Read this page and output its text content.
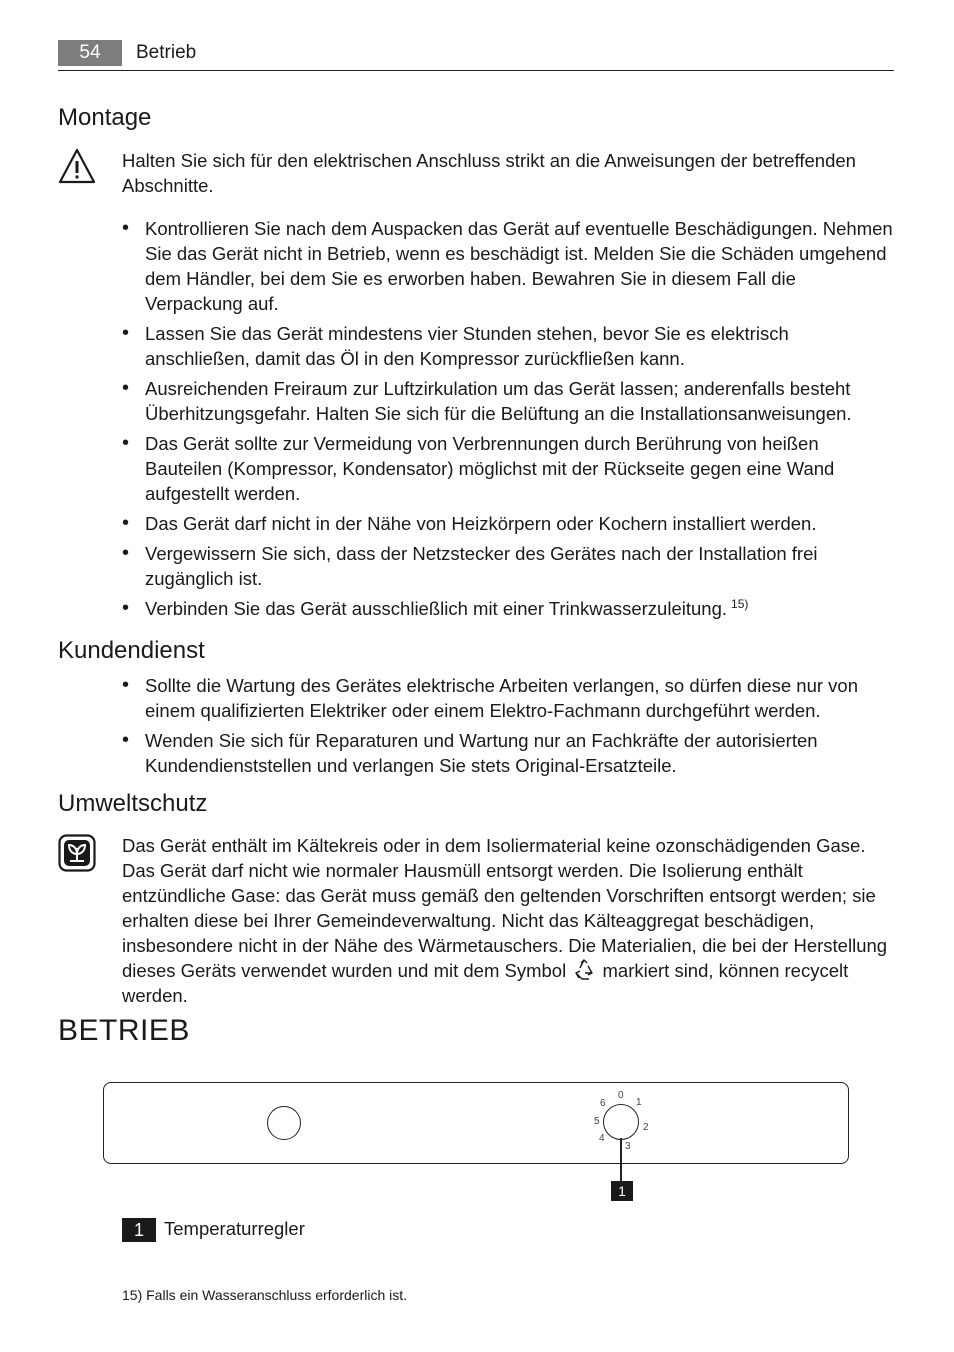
54	Betrieb
Montage
Halten Sie sich für den elektrischen Anschluss strikt an die Anweisungen der betreffenden Abschnitte.
• Kontrollieren Sie nach dem Auspacken das Gerät auf eventuelle Beschädigungen. Nehmen Sie das Gerät nicht in Betrieb, wenn es beschädigt ist. Melden Sie die Schäden umgehend dem Händler, bei dem Sie es erworben haben. Bewahren Sie in diesem Fall die Verpackung auf.
• Lassen Sie das Gerät mindestens vier Stunden stehen, bevor Sie es elektrisch anschließen, damit das Öl in den Kompressor zurückfließen kann.
• Ausreichenden Freiraum zur Luftzirkulation um das Gerät lassen; anderenfalls besteht Überhitzungsgefahr. Halten Sie sich für die Belüftung an die Installationsanweisungen.
• Das Gerät sollte zur Vermeidung von Verbrennungen durch Berührung von heißen Bauteilen (Kompressor, Kondensator) möglichst mit der Rückseite gegen eine Wand aufgestellt werden.
• Das Gerät darf nicht in der Nähe von Heizkörpern oder Kochern installiert werden.
• Vergewissern Sie sich, dass der Netzstecker des Gerätes nach der Installation frei zugänglich ist.
• Verbinden Sie das Gerät ausschließlich mit einer Trinkwasserzuleitung. $^{15)}$
Kundendienst
• Sollte die Wartung des Gerätes elektrische Arbeiten verlangen, so dürfen diese nur von einem qualifizierten Elektriker oder einem Elektro-Fachmann durchgeführt werden.
• Wenden Sie sich für Reparaturen und Wartung nur an Fachkräfte der autorisierten Kundendienststellen und verlangen Sie stets Original-Ersatzteile.
Umweltschutz
Das Gerät enthält im Kältekreis oder in dem Isoliermaterial keine ozonschädigenden Gase. Das Gerät darf nicht wie normaler Hausmüll entsorgt werden. Die Isolierung enthält entzündliche Gase: das Gerät muss gemäß den geltenden Vorschriften entsorgt werden; sie erhalten diese bei Ihrer Gemeindeverwaltung. Nicht das Kälteaggregat beschädigen, insbesondere nicht in der Nähe des Wärmetauschers. Die Materialien, die bei der Herstellung dieses Geräts verwendet wurden und mit dem Symbol markiert sind, können recycelt werden.
BETRIEB
0
1
2
3
4
5
6
1
1	Temperaturregler
15) Falls ein Wasseranschluss erforderlich ist.
